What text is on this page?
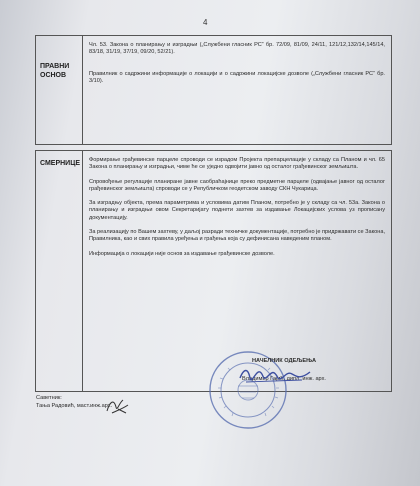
4
ПРАВНИ
ОСНОВ

Чл. 53. Закона о планирању и изградњи („Службени гласник РС“ бр. 72/09, 81/09, 24/11, 121/12,132/14,145/14, 83/18, 31/19, 37/19, 09/20, 52/21).

Правилник о садржини информације о локацији и о садржини локацијске дозволе („Службени гласник РС“ бр. 3/10).

СМЕРНИЦЕ Формирање грађевинске парцеле спроводи се израдом Пројекта препарцелације у складу са Планом и чл. 65 Закона о планирању и изградњи, чиме ће се уједно одвојити јавно од осталог грађевинског земљишта.

Спровођење регулације планиране јавне саобраћајнице преко предметне парцеле (одвајање јавног од осталог грађевинског земљишта) спроводи се у Републичком геодетском заводу СКН Чукарица.

За изградњу објекта, према параметрима и условима датим Планом, потребно је у складу са чл. 53а. Закона о планирању и изградњи овом Секретаријату поднети захтев за издавање Локацијских услова уз прописану документацију.

За реализацију по Вашем захтеву, у даљој разради техничке документације, потребно је придржавати се Закона, Правилника, као и свих правила уређења и грађења која су дефинисана наведеним планом.

Информација о локацији није основ за издавање грађевинске дозволе.

Саветник:
Тања Радовић, маст.инж.арх.
НАЧЕЛНИК ОДЕЉЕЊА
Владимир Гајић, дипл. инж. арх.
